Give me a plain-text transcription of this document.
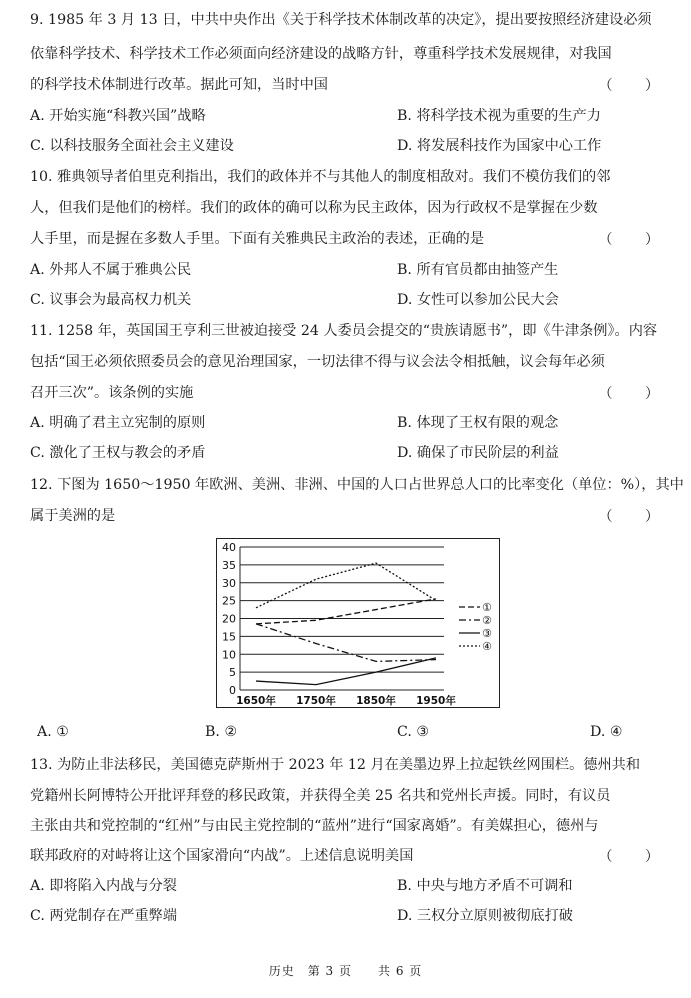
9. 1985 年 3 月 13 日，中共中央作出《关于科学技术体制改革的决定》，提出要按照经济建设必须
依靠科学技术、科学技术工作必须面向经济建设的战略方针，尊重科学技术发展规律，对我国
的科学技术体制进行改革。据此可知，当时中国	（ ）
A. 开始实施“科教兴国”战略	B. 将科学技术视为重要的生产力
C. 以科技服务全面社会主义建设	D. 将发展科技作为国家中心工作
10. 雅典领导者伯里克利指出，我们的政体并不与其他人的制度相敌对。我们不模仿我们的邻
人，但我们是他们的榜样。我们的政体的确可以称为民主政体，因为行政权不是掌握在少数
人手里，而是握在多数人手里。下面有关雅典民主政治的表述，正确的是	（ ）
A. 外邦人不属于雅典公民	B. 所有官员都由抽签产生
C. 议事会为最高权力机关	D. 女性可以参加公民大会
11. 1258 年，英国国王亨利三世被迫接受 24 人委员会提交的“贵族请愿书”，即《牛津条例》。内容
包括“国王必须依照委员会的意见治理国家，一切法律不得与议会法令相抵触，议会每年必须
召开三次”。该条例的实施	（ ）
A. 明确了君主立宪制的原则	B. 体现了王权有限的观念
C. 激化了王权与教会的矛盾	D. 确保了市民阶层的利益
12. 下图为 1650～1950 年欧洲、美洲、非洲、中国的人口占世界总人口的比率变化（单位：%），其中
属于美洲的是	（ ）
①
②
③
④
0
5
10
15
20
25
30
35
40
1650年 1750年 1850年 1950年
A. ①	B. ②	C. ③	D. ④
13. 为防止非法移民，美国德克萨斯州于 2023 年 12 月在美墨边界上拉起铁丝网围栏。德州共和
党籍州长阿博特公开批评拜登的移民政策，并获得全美 25 名共和党州长声援。同时，有议员
主张由共和党控制的“红州”与由民主党控制的“蓝州”进行“国家离婚”。有美媒担心，德州与
联邦政府的对峙将让这个国家滑向“内战”。上述信息说明美国	（ ）
A. 即将陷入内战与分裂	B. 中央与地方矛盾不可调和
C. 两党制存在严重弊端	D. 三权分立原则被彻底打破
历史　第 3 页　　共 6 页
